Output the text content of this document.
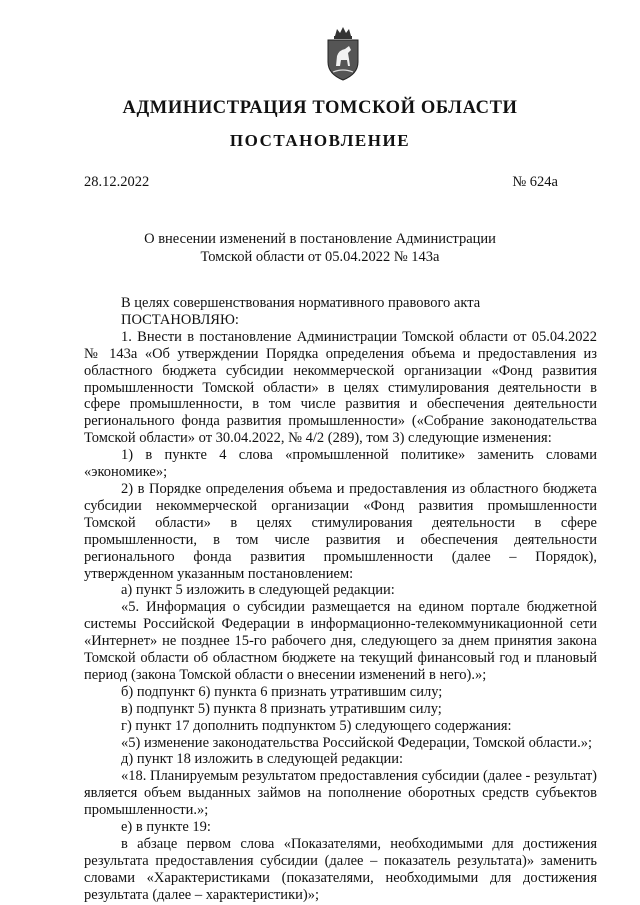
АДМИНИСТРАЦИЯ ТОМСКОЙ ОБЛАСТИ
ПОСТАНОВЛЕНИЕ
28.12.2022	№ 624а
О внесении изменений в постановление Администрации
Томской области от 05.04.2022 № 143а

В целях совершенствования нормативного правового акта

ПОСТАНОВЛЯЮ:

1. Внести в постановление Администрации Томской области от 05.04.2022 № 143а «Об утверждении Порядка определения объема и предоставления из областного бюджета субсидии некоммерческой организации «Фонд развития промышленности Томской области» в целях стимулирования деятельности в сфере промышленности, в том числе развития и обеспечения деятельности регионального фонда развития промышленности» («Собрание законодательства Томской области» от 30.04.2022, № 4/2 (289), том 3) следующие изменения:

1) в пункте 4 слова «промышленной политике» заменить словами «экономике»;

2) в Порядке определения объема и предоставления из областного бюджета субсидии некоммерческой организации «Фонд развития промышленности Томской области» в целях стимулирования деятельности в сфере промышленности, в том числе развития и обеспечения деятельности регионального фонда развития промышленности (далее – Порядок), утвержденном указанным постановлением:

а) пункт 5 изложить в следующей редакции:

«5. Информация о субсидии размещается на едином портале бюджетной системы Российской Федерации в информационно-телекоммуникационной сети «Интернет» не позднее 15-го рабочего дня, следующего за днем принятия закона Томской области об областном бюджете на текущий финансовый год и плановый период (закона Томской области о внесении изменений в него).»;

б) подпункт 6) пункта 6 признать утратившим силу;

в) подпункт 5) пункта 8 признать утратившим силу;

г) пункт 17 дополнить подпунктом 5) следующего содержания:

«5) изменение законодательства Российской Федерации, Томской области.»;

д) пункт 18 изложить в следующей редакции:

«18. Планируемым результатом предоставления субсидии (далее - результат) является объем выданных займов на пополнение оборотных средств субъектов промышленности.»;

е) в пункте 19:

в абзаце первом слова «Показателями, необходимыми для достижения результата предоставления субсидии (далее – показатель результата)» заменить словами «Характеристиками (показателями, необходимыми для достижения результата (далее – характеристики)»;
